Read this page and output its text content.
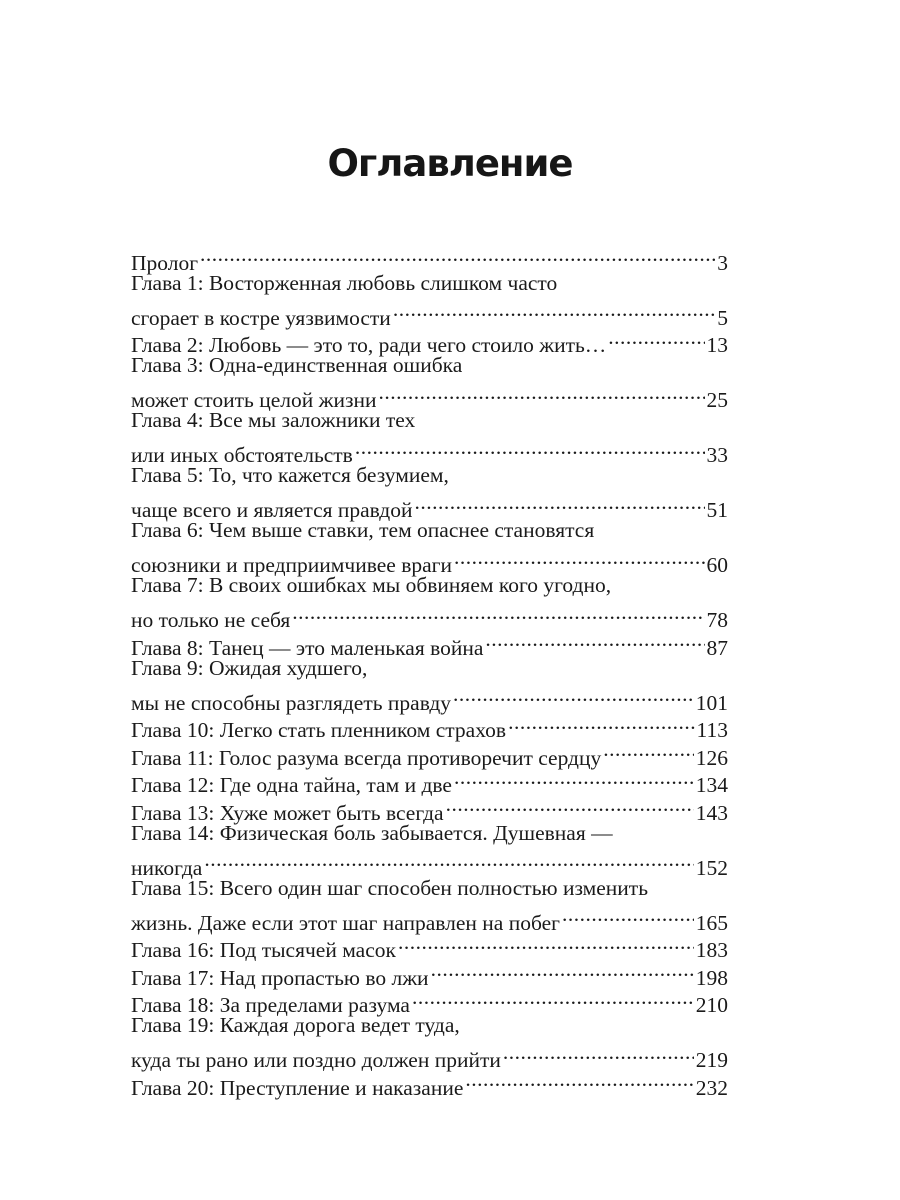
Оглавление
Пролог .....	3
Глава 1: Восторженная любовь слишком часто
сгорает в костре уязвимости .....	5
Глава 2: Любовь — это то, ради чего стоило жить… .....	13
Глава 3: Одна-единственная ошибка
может стоить целой жизни .....	25
Глава 4: Все мы заложники тех
или иных обстоятельств .....	33
Глава 5: То, что кажется безумием,
чаще всего и является правдой .....	51
Глава 6: Чем выше ставки, тем опаснее становятся
союзники и предприимчивее враги .....	60
Глава 7: В своих ошибках мы обвиняем кого угодно,
но только не себя .....	78
Глава 8: Танец — это маленькая война .....	87
Глава 9: Ожидая худшего,
мы не способны разглядеть правду .....	101
Глава 10: Легко стать пленником страхов .....	113
Глава 11: Голос разума всегда противоречит сердцу .....	126
Глава 12: Где одна тайна, там и две .....	134
Глава 13: Хуже может быть всегда .....	143
Глава 14: Физическая боль забывается. Душевная —
никогда .....	152
Глава 15: Всего один шаг способен полностью изменить
жизнь. Даже если этот шаг направлен на побег .....	165
Глава 16: Под тысячей масок .....	183
Глава 17: Над пропастью во лжи .....	198
Глава 18: За пределами разума .....	210
Глава 19: Каждая дорога ведет туда,
куда ты рано или поздно должен прийти .....	219
Глава 20: Преступление и наказание .....	232
